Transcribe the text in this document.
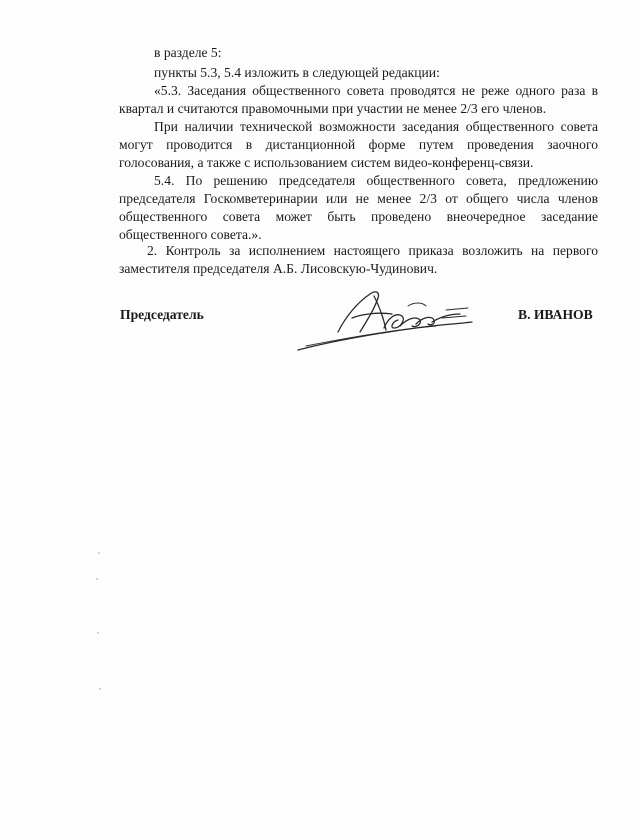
в разделе 5:
пункты 5.3, 5.4 изложить в следующей редакции:
«5.3. Заседания общественного совета проводятся не реже одного раза в
квартал и считаются правомочными при участии не менее 2/3 его членов.
При наличии технической возможности заседания общественного совета
могут проводится в дистанционной форме путем проведения заочного
голосования, а также с использованием систем видео-конференц-связи.
5.4. По решению председателя общественного совета, предложению
председателя Госкомветеринарии или не менее 2/3 от общего числа членов
общественного совета может быть проведено внеочередное заседание
общественного совета.».
2. Контроль за исполнением настоящего приказа возложить на первого
заместителя председателя А.Б. Лисовскую-Чудинович.
Председатель	В. ИВАНОВ
